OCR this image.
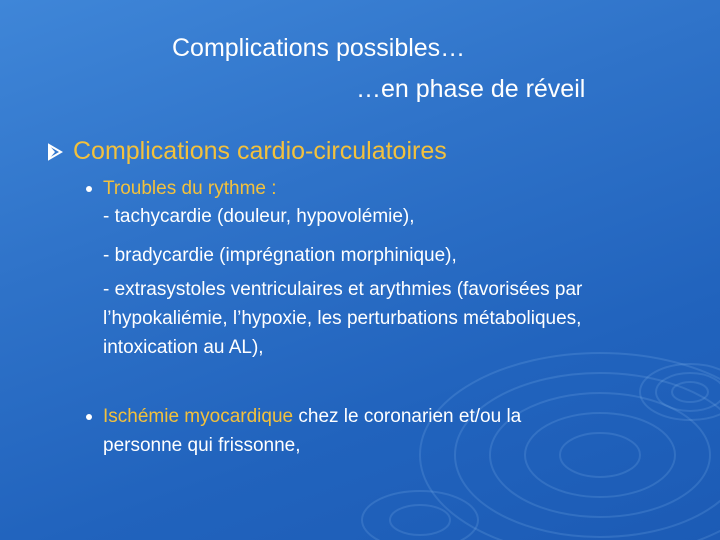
Complications possibles…
…en phase de réveil
Complications cardio-circulatoires
Troubles du rythme :
- tachycardie (douleur, hypovolémie),
- bradycardie (imprégnation morphinique),
- extrasystoles ventriculaires et arythmies (favorisées par
l’hypokaliémie, l’hypoxie, les perturbations métaboliques,
intoxication au AL),
Ischémie myocardique chez le coronarien et/ou la
personne qui frissonne,
